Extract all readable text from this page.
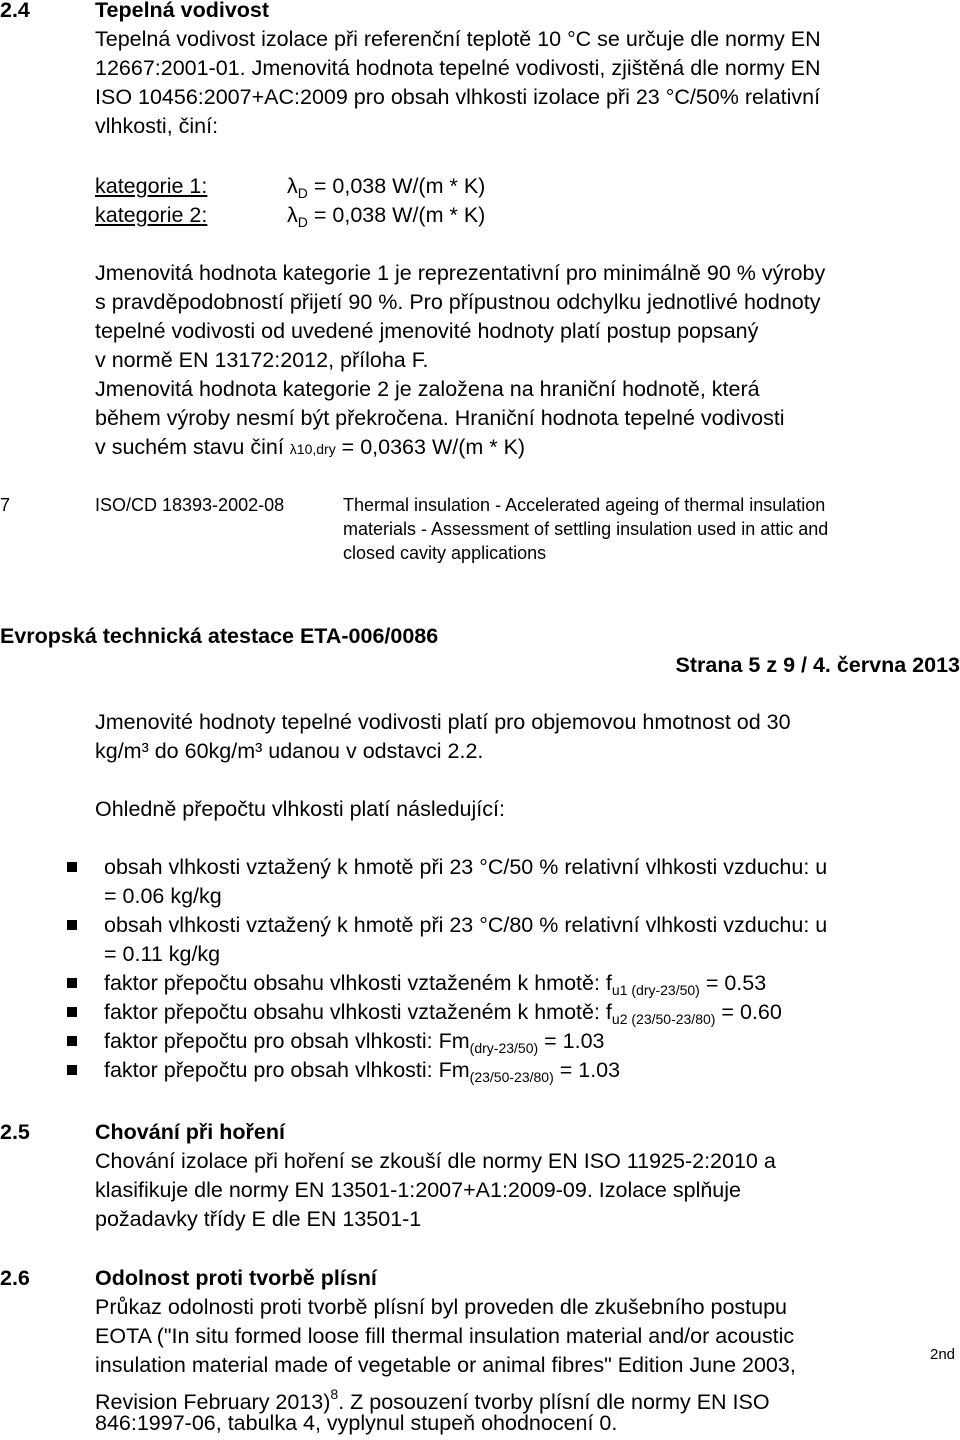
2.4	Tepelná vodivost
Tepelná vodivost izolace při referenční teplotě 10 °C se určuje dle normy EN
12667:2001-01. Jmenovitá hodnota tepelné vodivosti, zjištěná dle normy EN
ISO 10456:2007+AC:2009 pro obsah vlhkosti izolace při 23 °C/50% relativní
vlhkosti, činí:
kategorie 1:	$\lambda_D = 0,038$ W/(m * K)
kategorie 2:	$\lambda_D = 0,038$ W/(m * K)
Jmenovitá hodnota kategorie 1 je reprezentativní pro minimálně 90 % výroby
s pravděpodobností přijetí 90 %. Pro přípustnou odchylku jednotlivé hodnoty
tepelné vodivosti od uvedené jmenovité hodnoty platí postup popsaný
v normě EN 13172:2012, příloha F.
Jmenovitá hodnota kategorie 2 je založena na hraniční hodnotě, která
během výroby nesmí být překročena. Hraniční hodnota tepelné vodivosti
v suchém stavu činí λ10,dry = 0,0363 W/(m * K)
7	ISO/CD 18393-2002-08	Thermal insulation - Accelerated ageing of thermal insulation
materials - Assessment of settling insulation used in attic and
closed cavity applications
Evropská technická atestace ETA-006/0086
Strana 5 z 9 / 4. června 2013
Jmenovité hodnoty tepelné vodivosti platí pro objemovou hmotnost od 30
kg/m³ do 60kg/m³ udanou v odstavci 2.2.
Ohledně přepočtu vlhkosti platí následující:
obsah vlhkosti vztažený k hmotě při 23 °C/50 % relativní vlhkosti vzduchu: u
= 0.06 kg/kg
obsah vlhkosti vztažený k hmotě při 23 °C/80 % relativní vlhkosti vzduchu: u
= 0.11 kg/kg
faktor přepočtu obsahu vlhkosti vztaženém k hmotě: $f_{u1 (dry-23/50)} = 0.53$
faktor přepočtu obsahu vlhkosti vztaženém k hmotě: $f_{u2 (23/50-23/80)} = 0.60$
faktor přepočtu pro obsah vlhkosti: $Fm_{(dry-23/50)} = 1.03$
faktor přepočtu pro obsah vlhkosti: $Fm_{(23/50-23/80)} = 1.03$
2.5	Chování při hoření
Chování izolace při hoření se zkouší dle normy EN ISO 11925-2:2010 a
klasifikuje dle normy EN 13501-1:2007+A1:2009-09. Izolace splňuje
požadavky třídy E dle EN 13501-1
2.6	Odolnost proti tvorbě plísní
Průkaz odolnosti proti tvorbě plísní byl proveden dle zkušebního postupu
EOTA ("In situ formed loose fill thermal insulation material and/or acoustic
insulation material made of vegetable or animal fibres" Edition June 2003,	2nd
Revision February 2013)$^8$. Z posouzení tvorby plísní dle normy EN ISO
846:1997-06, tabulka 4, vyplynul stupeň ohodnocení 0.
